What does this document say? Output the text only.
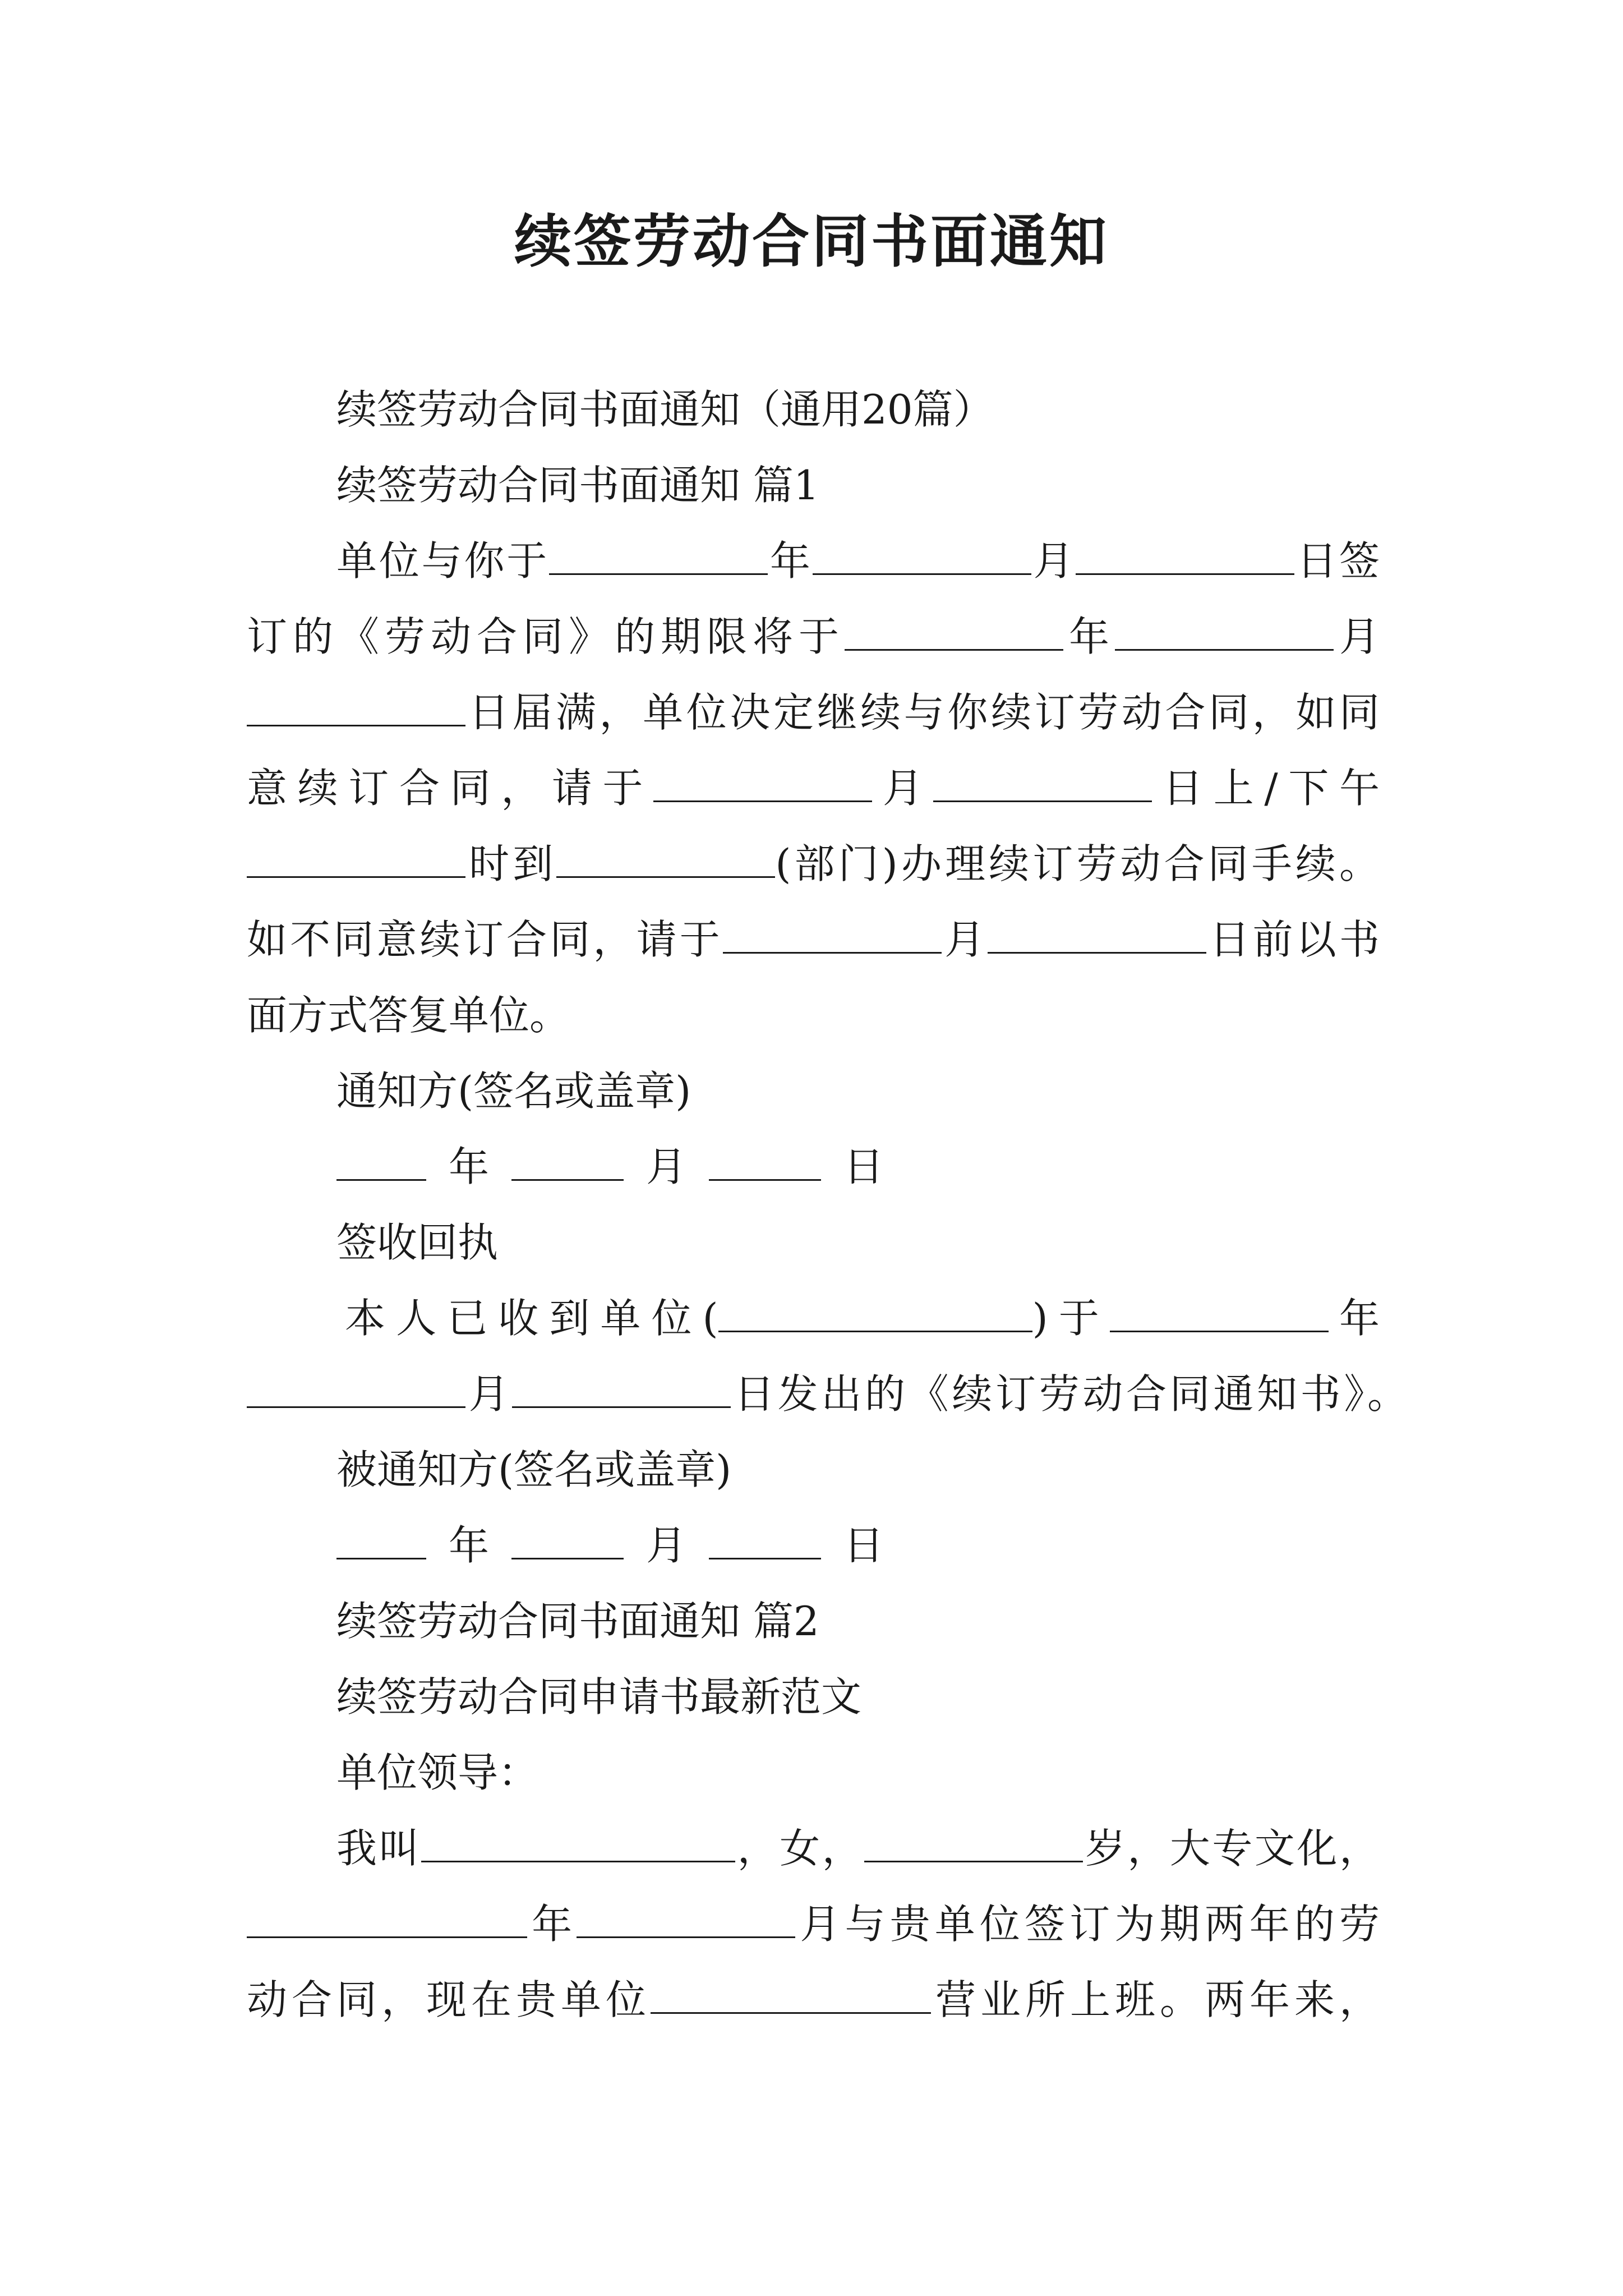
续签劳动合同书面通知
续签劳动合同书面通知（通用20篇）
续签劳动合同书面通知 篇1
单位与你于	年	月	日签
订的《劳动合同》的期限将于	年	月
日届满，单位决定继续与你续订劳动合同，如同
意续订合同，请于	月	日上/下午
时到	(部门)办理续订劳动合同手续。
如不同意续订合同，请于	月	日前以书
面方式答复单位。
通知方(签名或盖章)
年	月	日
签收回执
本人已收到单位(	)于	年
月	日发出的《续订劳动合同通知书》。
被通知方(签名或盖章)
年	月	日
续签劳动合同书面通知 篇2
续签劳动合同申请书最新范文
单位领导：
我叫	，女，	岁，大专文化，
年	月与贵单位签订为期两年的劳
动合同，现在贵单位	营业所上班。两年来，
